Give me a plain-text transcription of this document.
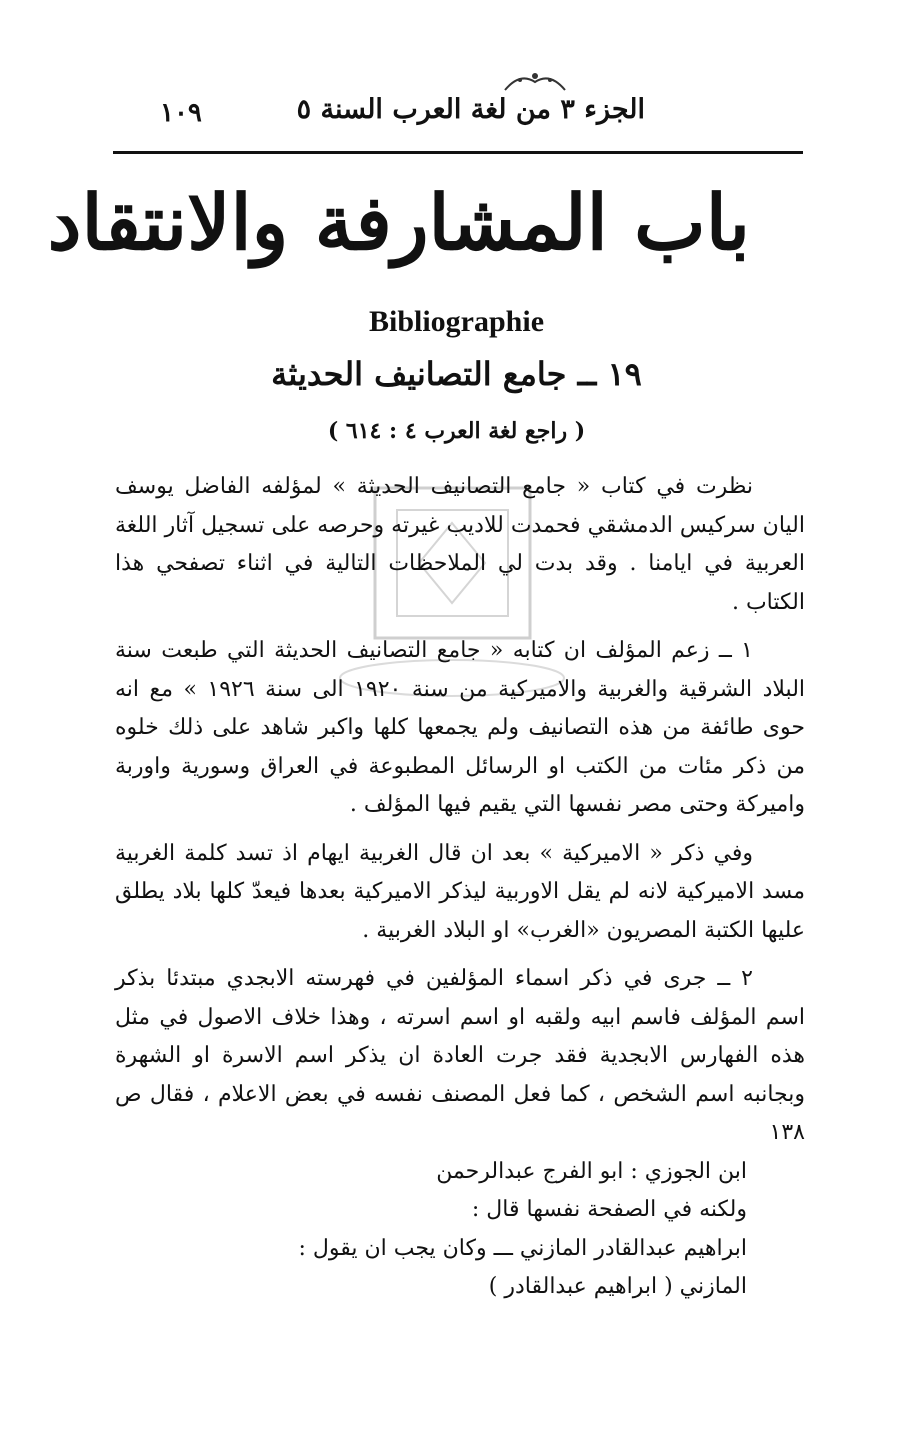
١٠٩	الجزء ٣ من لغة العرب السنة ٥
باب المشارفة والانتقاد
Bibliographie
١٩ ــ جامع التصانيف الحديثة
( راجع لغة العرب ٤ : ٦١٤ )

نظرت في كتاب « جامع التصانيف الحديثة » لمؤلفه الفاضل يوسف اليان سركيس الدمشقي فحمدت للاديب غيرته وحرصه على تسجيل آثار اللغة العربية في ايامنا . وقد بدت لي الملاحظات التالية في اثناء تصفحي هذا الكتاب .

١ ــ زعم المؤلف ان كتابه « جامع التصانيف الحديثة التي طبعت سنة البلاد الشرقية والغربية والاميركية من سنة ١٩٢٠ الى سنة ١٩٢٦ » مع انه حوى طائفة من هذه التصانيف ولم يجمعها كلها واكبر شاهد على ذلك خلوه من ذكر مئات من الكتب او الرسائل المطبوعة في العراق وسورية واوربة واميركة وحتى مصر نفسها التي يقيم فيها المؤلف .

وفي ذكر « الاميركية » بعد ان قال الغربية ايهام اذ تسد كلمة الغربية مسد الاميركية لانه لم يقل الاوربية ليذكر الاميركية بعدها فيعدّ كلها بلاد يطلق عليها الكتبة المصريون «الغرب» او البلاد الغربية .

٢ ــ جرى في ذكر اسماء المؤلفين في فهرسته الابجدي مبتدئا بذكر اسم المؤلف فاسم ابيه ولقبه او اسم اسرته ، وهذا خلاف الاصول في مثل هذه الفهارس الابجدية فقد جرت العادة ان يذكر اسم الاسرة او الشهرة وبجانبه اسم الشخص ، كما فعل المصنف نفسه في بعض الاعلام ، فقال ص ١٣٨

ابن الجوزي : ابو الفرج عبدالرحمن

ولكنه في الصفحة نفسها قال :

ابراهيم عبدالقادر المازني ـــ وكان يجب ان يقول :

المازني ( ابراهيم عبدالقادر )
